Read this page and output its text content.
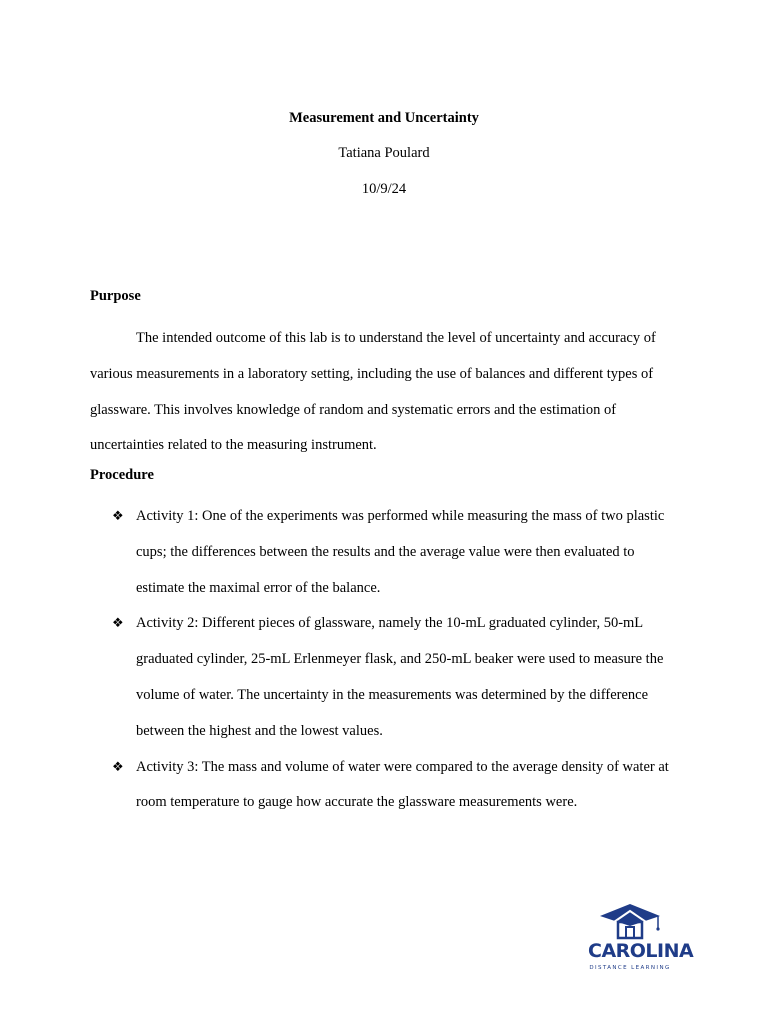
Measurement and Uncertainty

Tatiana Poulard

10/9/24

Purpose

The intended outcome of this lab is to understand the level of uncertainty and accuracy of various measurements in a laboratory setting, including the use of balances and different types of glassware. This involves knowledge of random and systematic errors and the estimation of uncertainties related to the measuring instrument.

Procedure

❖ Activity 1: One of the experiments was performed while measuring the mass of two plastic cups; the differences between the results and the average value were then evaluated to estimate the maximal error of the balance.
❖ Activity 2: Different pieces of glassware, namely the 10-mL graduated cylinder, 50-mL graduated cylinder, 25-mL Erlenmeyer flask, and 250-mL beaker were used to measure the volume of water. The uncertainty in the measurements was determined by the difference between the highest and the lowest values.
❖ Activity 3: The mass and volume of water were compared to the average density of water at room temperature to gauge how accurate the glassware measurements were.
CAROLINA
DISTANCE LEARNING
